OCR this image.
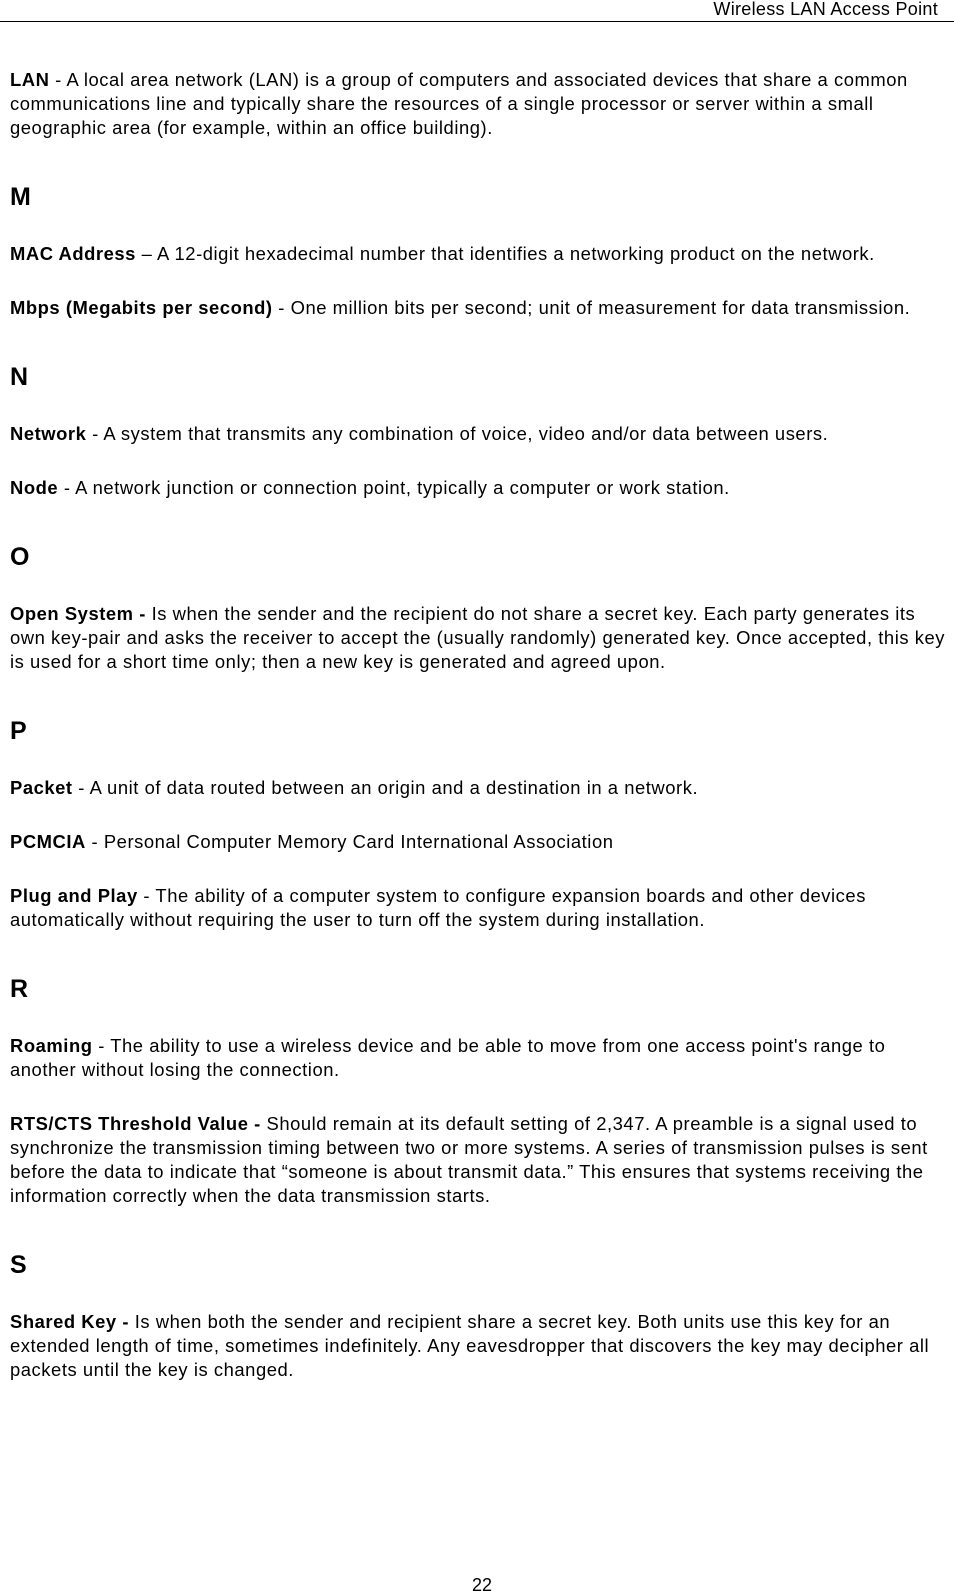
Wireless LAN Access Point

LAN - A local area network (LAN) is a group of computers and associated devices that share a common communications line and typically share the resources of a single processor or server within a small geographic area (for example, within an office building).

M

MAC Address – A 12-digit hexadecimal number that identifies a networking product on the network.

Mbps (Megabits per second) - One million bits per second; unit of measurement for data transmission.

N

Network - A system that transmits any combination of voice, video and/or data between users.

Node - A network junction or connection point, typically a computer or work station.

O

Open System - Is when the sender and the recipient do not share a secret key. Each party generates its own key-pair and asks the receiver to accept the (usually randomly) generated key. Once accepted, this key is used for a short time only; then a new key is generated and agreed upon.

P

Packet - A unit of data routed between an origin and a destination in a network.

PCMCIA - Personal Computer Memory Card International Association

Plug and Play - The ability of a computer system to configure expansion boards and other devices automatically without requiring the user to turn off the system during installation.

R

Roaming - The ability to use a wireless device and be able to move from one access point's range to another without losing the connection.

RTS/CTS Threshold Value - Should remain at its default setting of 2,347. A preamble is a signal used to synchronize the transmission timing between two or more systems. A series of transmission pulses is sent before the data to indicate that “someone is about transmit data.” This ensures that systems receiving the information correctly when the data transmission starts.

S

Shared Key - Is when both the sender and recipient share a secret key. Both units use this key for an extended length of time, sometimes indefinitely. Any eavesdropper that discovers the key may decipher all packets until the key is changed.

22
